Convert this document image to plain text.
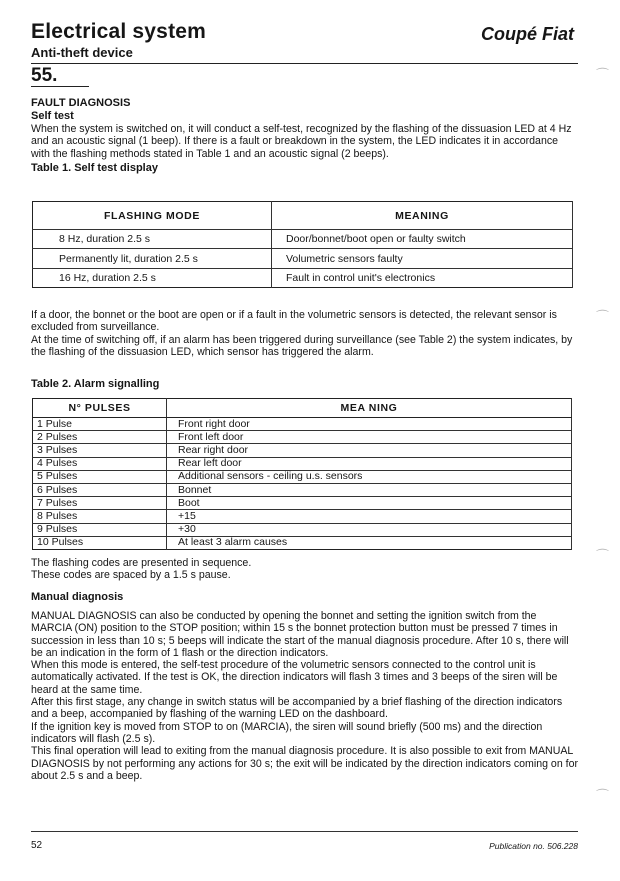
Electrical system	Coupé Fiat
Anti-theft device
55.
FAULT DIAGNOSIS
Self test

When the system is switched on, it will conduct a self-test, recognized by the flashing of the dissuasion LED at 4 Hz and an acoustic signal (1 beep). If there is a fault or breakdown in the system, the LED indicates it in accordance with the flashing methods stated in Table 1 and an acoustic signal (2 beeps).

Table 1. Self test display
FLASHING MODE	MEANING
8 Hz, duration 2.5 s	Door/bonnet/boot open or faulty switch
Permanently lit, duration 2.5 s	Volumetric sensors faulty
16 Hz, duration 2.5 s	Fault in control unit's electronics

If a door, the bonnet or the boot are open or if a fault in the volumetric sensors is detected, the relevant sensor is excluded from surveillance.

At the time of switching off, if an alarm has been triggered during surveillance (see Table 2) the system indicates, by the flashing of the dissuasion LED, which sensor has triggered the alarm.

Table 2. Alarm signalling
N° PULSES	MEA NING
1 Pulse	Front right door
2 Pulses	Front left door
3 Pulses	Rear right door
4 Pulses	Rear left door
5 Pulses	Additional sensors - ceiling u.s. sensors
6 Pulses	Bonnet
7 Pulses	Boot
8 Pulses	+15
9 Pulses	+30
10 Pulses	At least 3 alarm causes

The flashing codes are presented in sequence.

These codes are spaced by a 1.5 s pause.

Manual diagnosis

MANUAL DIAGNOSIS can also be conducted by opening the bonnet and setting the ignition switch from the MARCIA (ON) position to the STOP position; within 15 s the bonnet protection button must be pressed 7 times in succession in less than 10 s; 5 beeps will indicate the start of the manual diagnosis procedure. After 10 s, there will be an indication in the form of 1 flash or the direction indicators.

When this mode is entered, the self-test procedure of the volumetric sensors connected to the control unit is automatically activated. If the test is OK, the direction indicators will flash 3 times and 3 beeps of the siren will be heard at the same time.

After this first stage, any change in switch status will be accompanied by a brief flashing of the direction indicators and a beep, accompanied by flashing of the warning LED on the dashboard.

If the ignition key is moved from STOP to on (MARCIA), the siren will sound briefly (500 ms) and the direction indicators will flash (2.5 s).

This final operation will lead to exiting from the manual diagnosis procedure. It is also possible to exit from MANUAL DIAGNOSIS by not performing any actions for 30 s; the exit will be indicated by the direction indicators coming on for about 2.5 s and a beep.

52	Publication no. 506.228
⌒
⌒
⌒
⌒
